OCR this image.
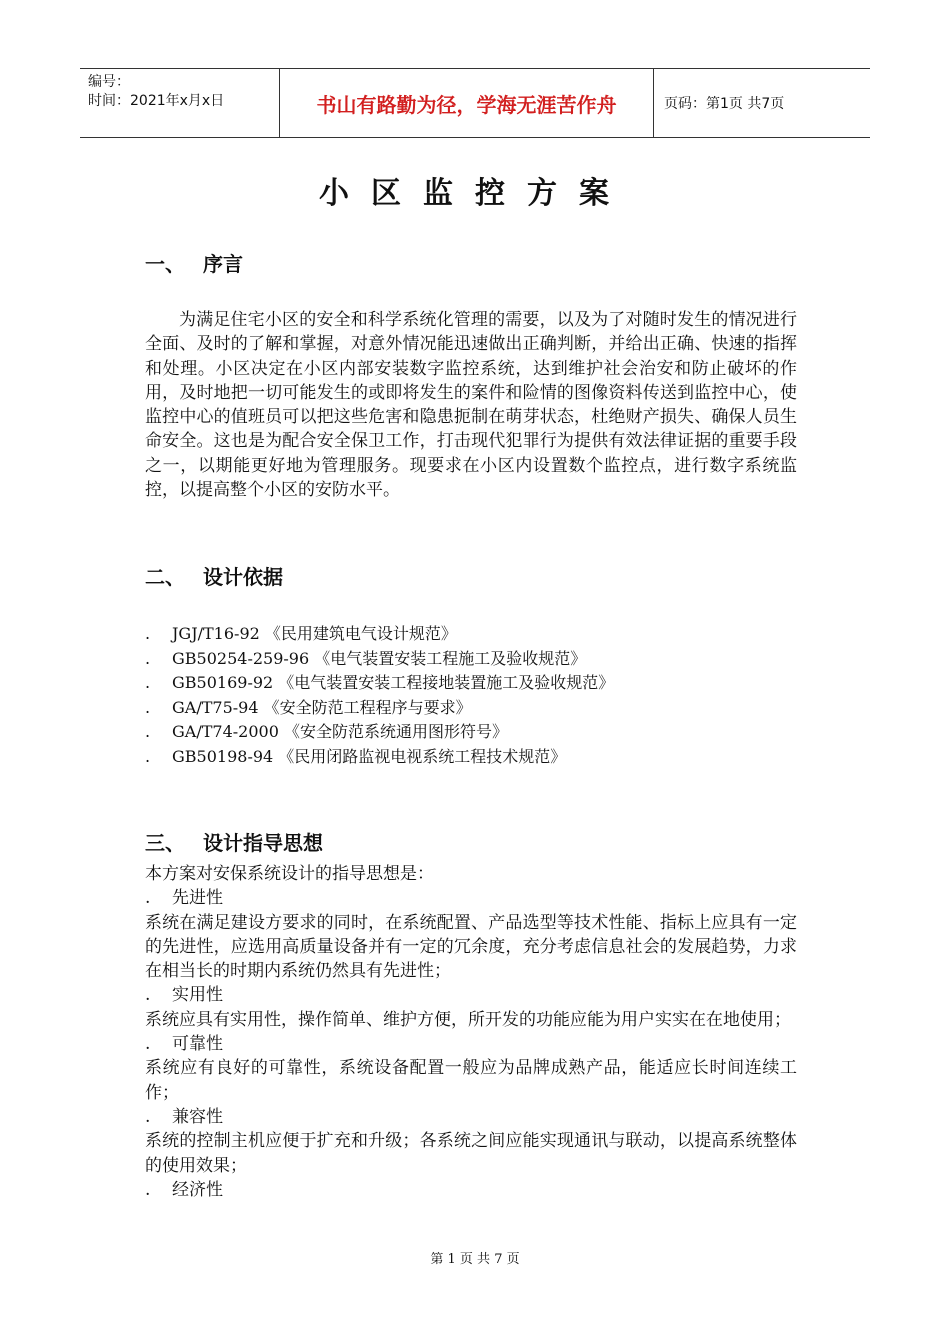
编号：
时间：2021年x月x日	书山有路勤为径，学海无涯苦作舟	页码：第1页 共7页
小区监控方案
一、 序言
为满足住宅小区的安全和科学系统化管理的需要，以及为了对随时发生的情况进行全面、及时的了解和掌握，对意外情况能迅速做出正确判断，并给出正确、快速的指挥和处理。小区决定在小区内部安装数字监控系统，达到维护社会治安和防止破坏的作用，及时地把一切可能发生的或即将发生的案件和险情的图像资料传送到监控中心，使监控中心的值班员可以把这些危害和隐患扼制在萌芽状态，杜绝财产损失、确保人员生命安全。这也是为配合安全保卫工作，打击现代犯罪行为提供有效法律证据的重要手段之一，以期能更好地为管理服务。现要求在小区内设置数个监控点，进行数字系统监控，以提高整个小区的安防水平。
二、 设计依据
. JGJ/T16-92 《民用建筑电气设计规范》
. GB50254-259-96 《电气装置安装工程施工及验收规范》
. GB50169-92 《电气装置安装工程接地装置施工及验收规范》
. GA/T75-94 《安全防范工程程序与要求》
. GA/T74-2000 《安全防范系统通用图形符号》
. GB50198-94 《民用闭路监视电视系统工程技术规范》
三、 设计指导思想

本方案对安保系统设计的指导思想是：

. 先进性

系统在满足建设方要求的同时，在系统配置、产品选型等技术性能、指标上应具有一定的先进性，应选用高质量设备并有一定的冗余度，充分考虑信息社会的发展趋势，力求在相当长的时期内系统仍然具有先进性；

. 实用性

系统应具有实用性，操作简单、维护方便，所开发的功能应能为用户实实在在地使用；

. 可靠性

系统应有良好的可靠性，系统设备配置一般应为品牌成熟产品，能适应长时间连续工作；

. 兼容性

系统的控制主机应便于扩充和升级；各系统之间应能实现通讯与联动，以提高系统整体的使用效果；

. 经济性

第 1 页 共 7 页
